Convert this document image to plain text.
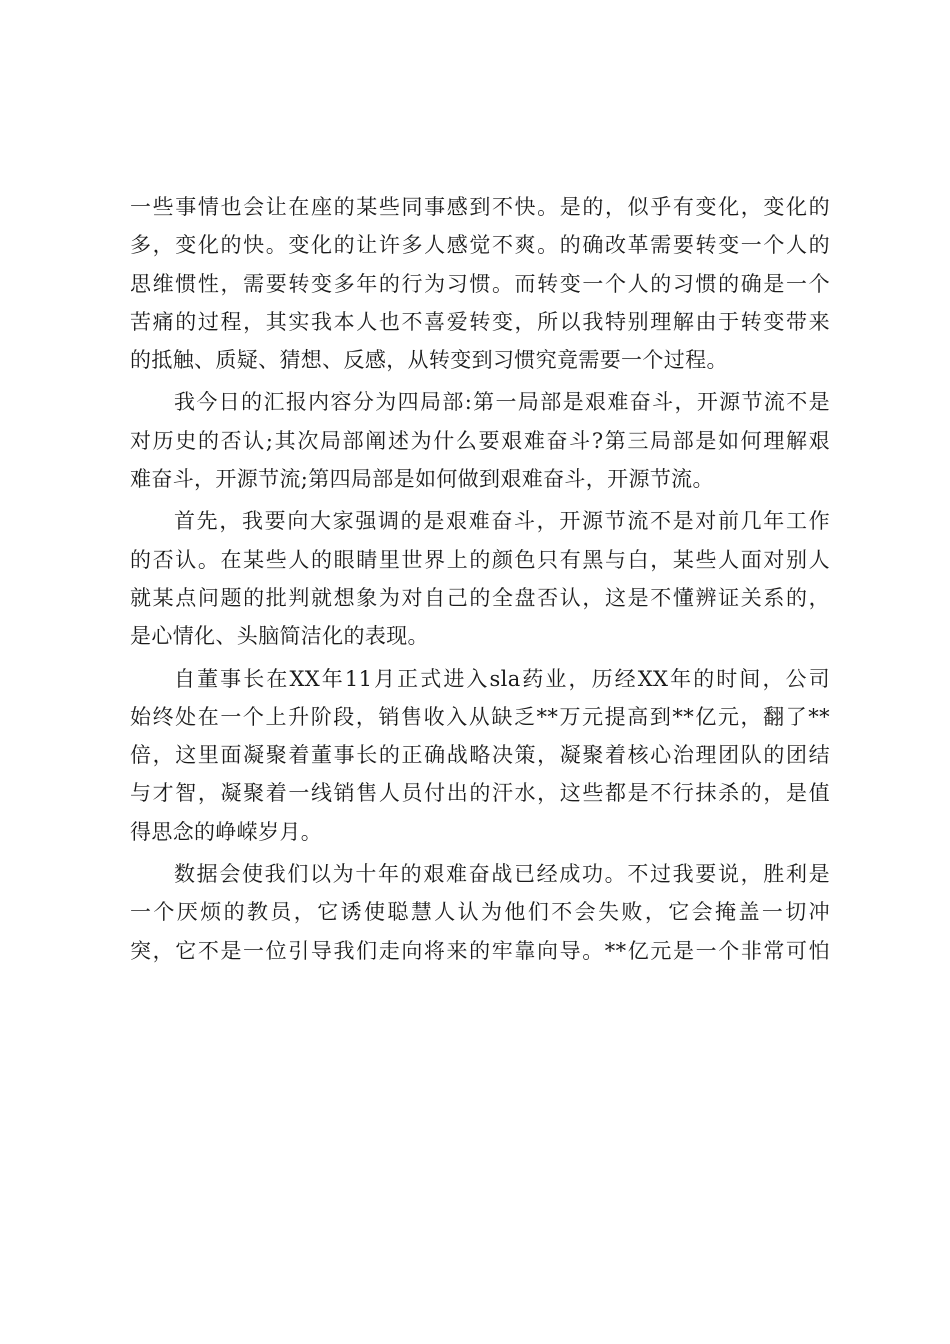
一些事情也会让在座的某些同事感到不快。是的，似乎有变化，变化的
多，变化的快。变化的让许多人感觉不爽。的确改革需要转变一个人的
思维惯性，需要转变多年的行为习惯。而转变一个人的习惯的确是一个
苦痛的过程，其实我本人也不喜爱转变，所以我特别理解由于转变带来
的抵触、质疑、猜想、反感，从转变到习惯究竟需要一个过程。

我今日的汇报内容分为四局部:第一局部是艰难奋斗，开源节流不是
对历史的否认;其次局部阐述为什么要艰难奋斗?第三局部是如何理解艰
难奋斗，开源节流;第四局部是如何做到艰难奋斗，开源节流。

首先，我要向大家强调的是艰难奋斗，开源节流不是对前几年工作
的否认。在某些人的眼睛里世界上的颜色只有黑与白，某些人面对别人
就某点问题的批判就想象为对自己的全盘否认，这是不懂辨证关系的，
是心情化、头脑简洁化的表现。

自董事长在XX年11月正式进入sla药业，历经XX年的时间，公司
始终处在一个上升阶段，销售收入从缺乏**万元提高到**亿元，翻了**
倍，这里面凝聚着董事长的正确战略决策，凝聚着核心治理团队的团结
与才智，凝聚着一线销售人员付出的汗水，这些都是不行抹杀的，是值
得思念的峥嵘岁月。

数据会使我们以为十年的艰难奋战已经成功。不过我要说，胜利是
一个厌烦的教员，它诱使聪慧人认为他们不会失败，它会掩盖一切冲
突，它不是一位引导我们走向将来的牢靠向导。**亿元是一个非常可怕
